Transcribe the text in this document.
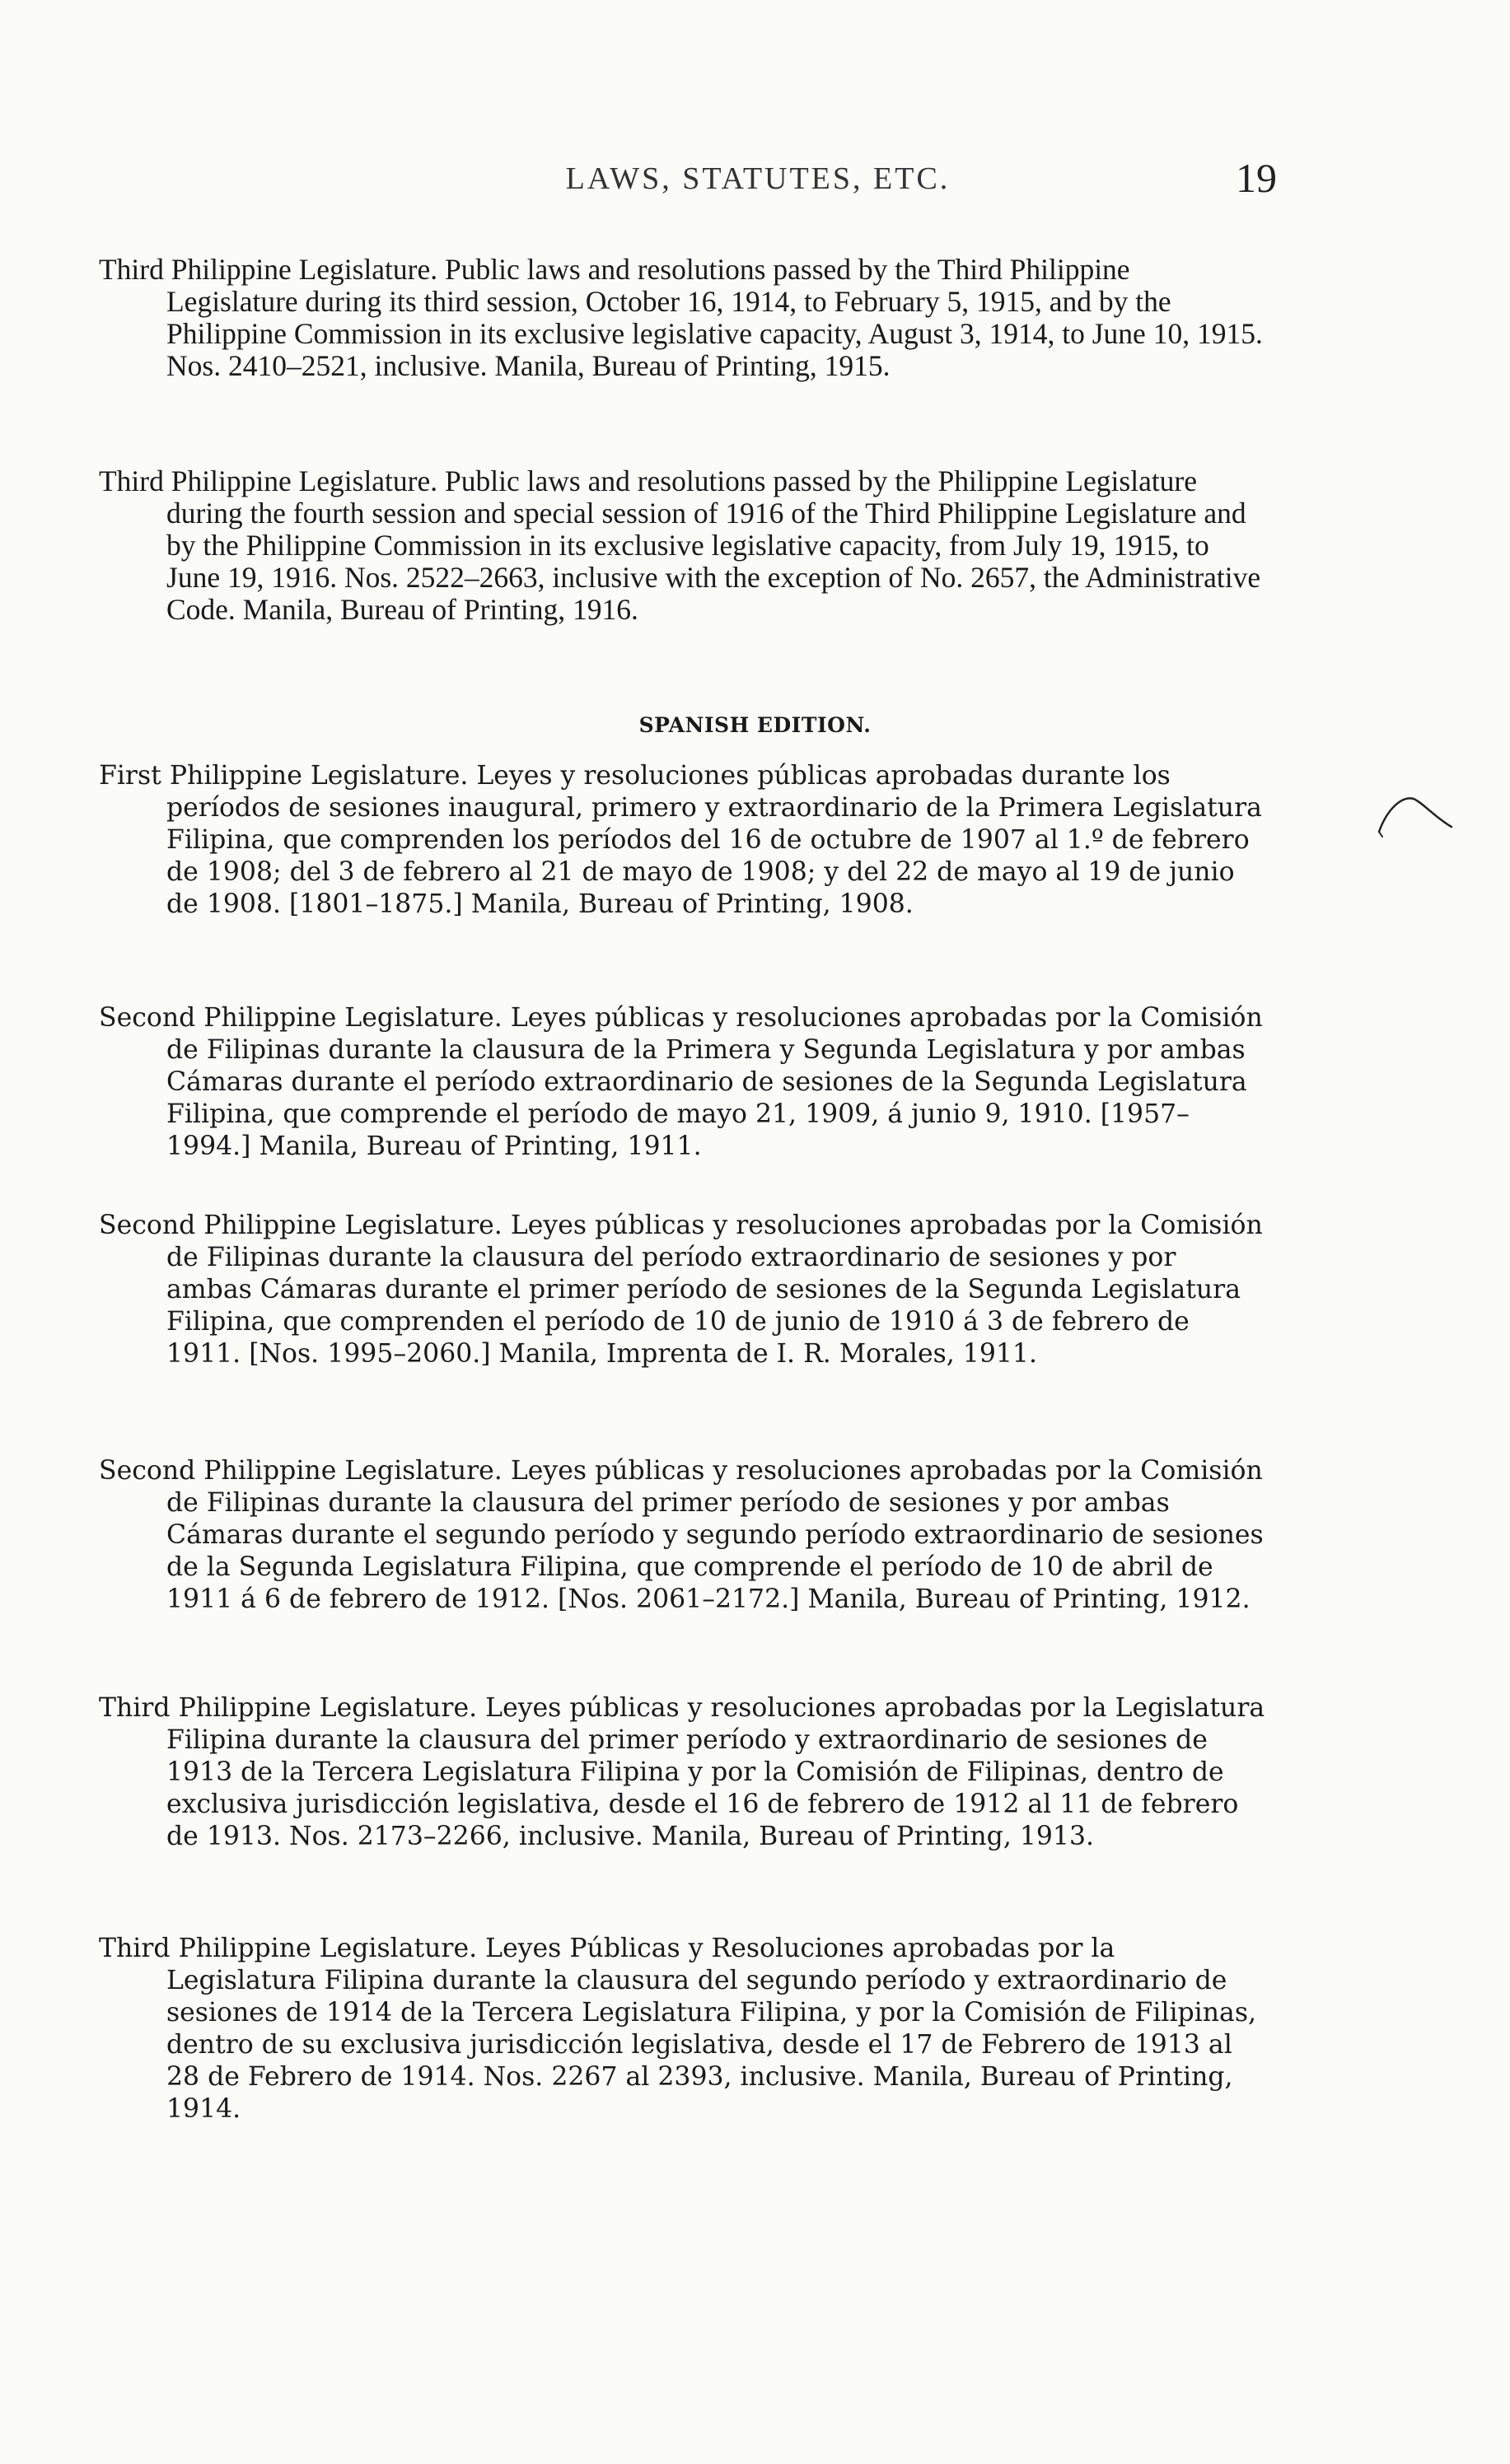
LAWS, STATUTES, ETC.	19

Third Philippine Legislature. Public laws and resolutions passed by the Third Philippine Legislature during its third session, October 16, 1914, to February 5, 1915, and by the Philippine Commission in its exclusive legislative capacity, August 3, 1914, to June 10, 1915. Nos. 2410–2521, inclusive. Manila, Bureau of Printing, 1915.

Third Philippine Legislature. Public laws and resolutions passed by the Philippine Legislature during the fourth session and special session of 1916 of the Third Philippine Legislature and by the Philippine Commission in its exclusive legislative capacity, from July 19, 1915, to June 19, 1916. Nos. 2522–2663, inclusive with the exception of No. 2657, the Administrative Code. Manila, Bureau of Printing, 1916.

SPANISH EDITION.

First Philippine Legislature. Leyes y resoluciones públicas aprobadas durante los períodos de sesiones inaugural, primero y extraordinario de la Primera Legislatura Filipina, que comprenden los períodos del 16 de octubre de 1907 al 1.º de febrero de 1908; del 3 de febrero al 21 de mayo de 1908; y del 22 de mayo al 19 de junio de 1908. [1801–1875.] Manila, Bureau of Printing, 1908.

Second Philippine Legislature. Leyes públicas y resoluciones aprobadas por la Comisión de Filipinas durante la clausura de la Primera y Segunda Legislatura y por ambas Cámaras durante el período extraordinario de sesiones de la Segunda Legislatura Filipina, que comprende el período de mayo 21, 1909, á junio 9, 1910. [1957–1994.] Manila, Bureau of Printing, 1911.

Second Philippine Legislature. Leyes públicas y resoluciones aprobadas por la Comisión de Filipinas durante la clausura del período extraordinario de sesiones y por ambas Cámaras durante el primer período de sesiones de la Segunda Legislatura Filipina, que comprenden el período de 10 de junio de 1910 á 3 de febrero de 1911. [Nos. 1995–2060.] Manila, Imprenta de I. R. Morales, 1911.

Second Philippine Legislature. Leyes públicas y resoluciones aprobadas por la Comisión de Filipinas durante la clausura del primer período de sesiones y por ambas Cámaras durante el segundo período y segundo período extraordinario de sesiones de la Segunda Legislatura Filipina, que comprende el período de 10 de abril de 1911 á 6 de febrero de 1912. [Nos. 2061–2172.] Manila, Bureau of Printing, 1912.

Third Philippine Legislature. Leyes públicas y resoluciones aprobadas por la Legislatura Filipina durante la clausura del primer período y extraordinario de sesiones de 1913 de la Tercera Legislatura Filipina y por la Comisión de Filipinas, dentro de exclusiva jurisdicción legislativa, desde el 16 de febrero de 1912 al 11 de febrero de 1913. Nos. 2173–2266, inclusive. Manila, Bureau of Printing, 1913.

Third Philippine Legislature. Leyes Públicas y Resoluciones aprobadas por la Legislatura Filipina durante la clausura del segundo período y extraordinario de sesiones de 1914 de la Tercera Legislatura Filipina, y por la Comisión de Filipinas, dentro de su exclusiva jurisdicción legislativa, desde el 17 de Febrero de 1913 al 28 de Febrero de 1914. Nos. 2267 al 2393, inclusive. Manila, Bureau of Printing, 1914.
